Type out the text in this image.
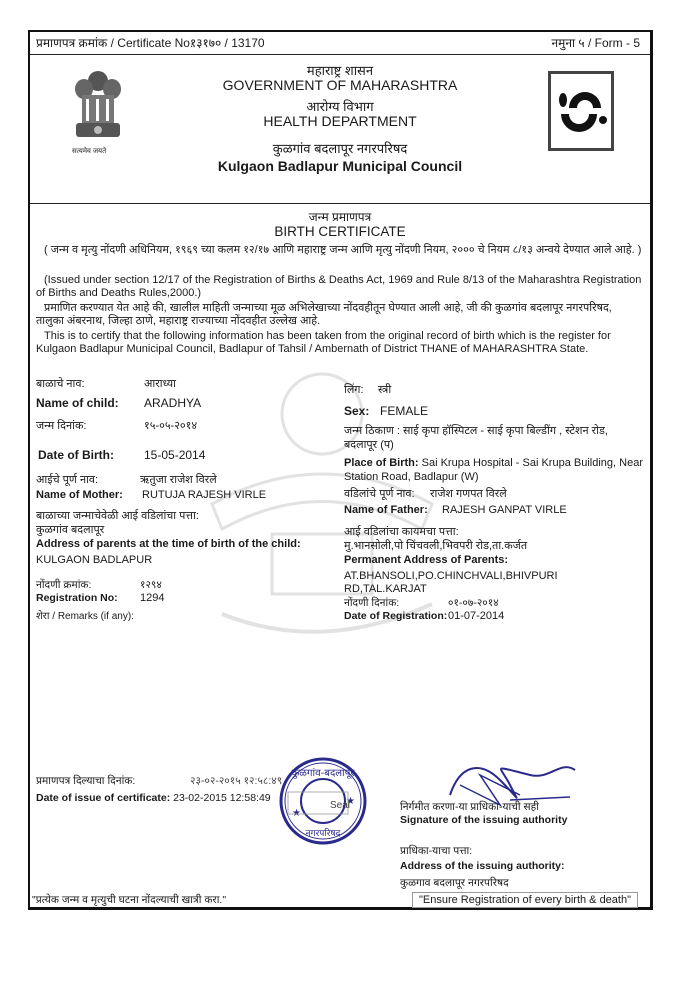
प्रमाणपत्र क्रमांक / Certificate No.
१३१७० / 13170	नमुना ५ / Form - 5
सत्यमेव जयते
महाराष्ट्र शासन
GOVERNMENT OF MAHARASHTRA
आरोग्य विभाग
HEALTH DEPARTMENT
कुळगांव बदलापूर नगरपरिषद
Kulgaon Badlapur Municipal Council
जन्म प्रमाणपत्र
BIRTH CERTIFICATE
( जन्म व मृत्यु नोंदणी अधिनियम, १९६९ च्या कलम १२/१७ आणि महाराष्ट्र जन्म आणि मृत्यु नोंदणी नियम, २००० चे नियम ८/१३ अन्वये देण्यात आले आहे. )
(Issued under section 12/17 of the Registration of Births & Deaths Act, 1969 and Rule 8/13 of the Maharashtra Registration of Births and Deaths Rules,2000.)
प्रमाणित करण्यात येत आहे की, खालील माहिती जन्माच्या मूळ अभिलेखाच्या नोंदवहीतून घेण्यात आली आहे, जी की कुळगांव बदलापूर नगरपरिषद, तालुका अंबरनाथ, जिल्हा ठाणे, महाराष्ट्र राज्याच्या नोंदवहीत उल्लेख आहे.
This is to certify that the following information has been taken from the original record of birth which is the register for Kulgaon Badlapur Municipal Council, Badlapur of Tahsil / Ambernath of District THANE of MAHARASHTRA State.
बाळाचे नाव:	आराध्या
Name of child: ARADHYA
जन्म दिनांक:	१५-०५-२०१४
Date of Birth:	15-05-2014
आईचे पूर्ण नाव:	ऋतुजा राजेश विरले
Name of Mother: RUTUJA RAJESH VIRLE
बाळाच्या जन्माचेवेळी आई वडिलांचा पत्ता:
कुळगांव बदलापूर
Address of parents at the time of birth of the child:
KULGAON BADLAPUR
नोंदणी क्रमांक:	१२९४
Registration No: 1294
शेरा / Remarks (if any):
लिंग: स्त्री
Sex: FEMALE
जन्म ठिकाण : साई कृपा हॉस्पिटल - साई कृपा बिल्डींग , स्टेशन रोड, बदलापूर (प)
Place of Birth: Sai Krupa Hospital - Sai Krupa Building, Near Station Road, Badlapur (W)
वडिलांचे पूर्ण नाव: राजेश गणपत विरले
Name of Father: RAJESH GANPAT VIRLE
आई वडिलांचा कायमचा पत्ता:
मु.भानसोली,पो चिंचवली,भिवपरी रोड,ता.कर्जत
Permanent Address of Parents:
AT.BHANSOLI,PO.CHINCHVALI,BHIVPURI RD,TAL.KARJAT
नोंदणी दिनांक:	०१-०७-२०१४
Date of Registration: 01-07-2014
प्रमाणपत्र दिल्याचा दिनांक:	२३-०२-२०१५ १२:५८:४९
Date of issue of certificate: 23-02-2015 12:58:49
निर्गमीत करणा-या प्राधिका-याची सही
Signature of the issuing authority
प्राधिका-याचा पत्ता:
Address of the issuing authority:
कुळगाव बदलापूर नगरपरिषद
"प्रत्येक जन्म व मृत्युची घटना नोंदल्याची खात्री करा."	"Ensure Registration of every birth & death"
कुळगांव-बदलापूर
नगरपरिषद
★
★
Seal
